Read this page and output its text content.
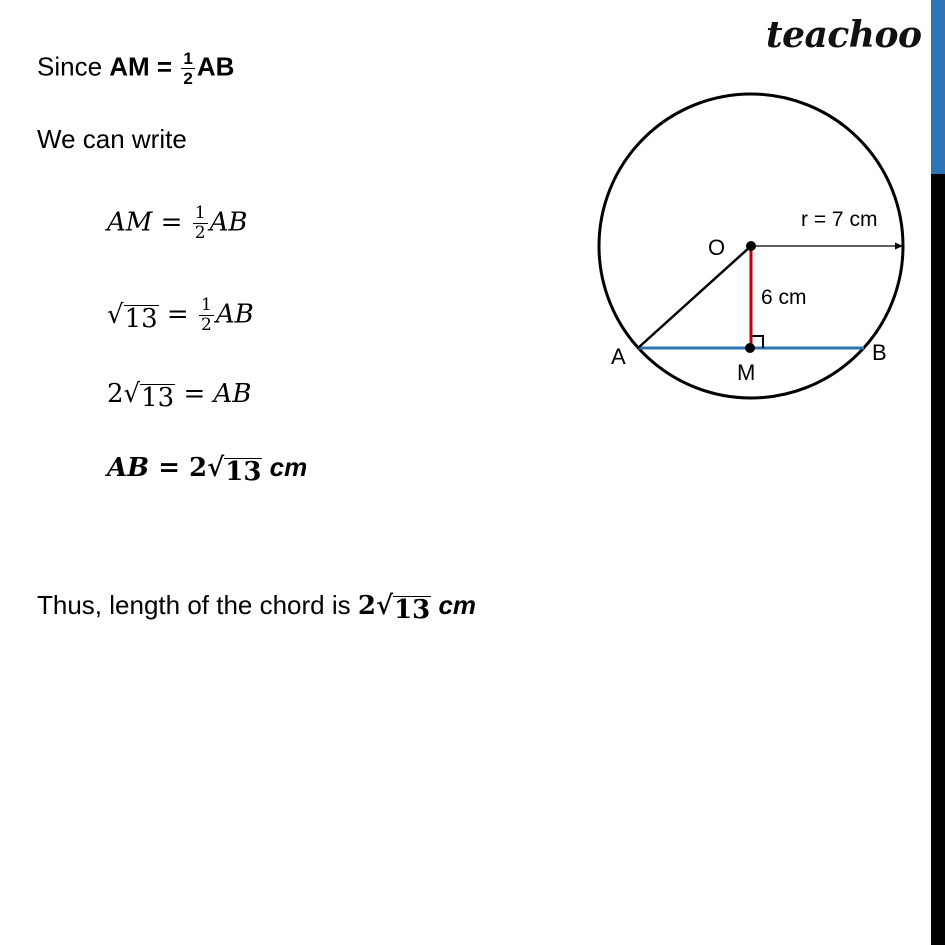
teachoo
Since AM = $\frac{1}{2}$ AB
We can write
AM = $\frac{1}{2}$ AB
√ $13 = \frac{1}{2}$ AB
2 √ 13 = AB
AB = 2 √ 13 cm
Thus, length of the chord is 2 √ 13 cm
O
M
A	B
r = 7 cm
6 cm
